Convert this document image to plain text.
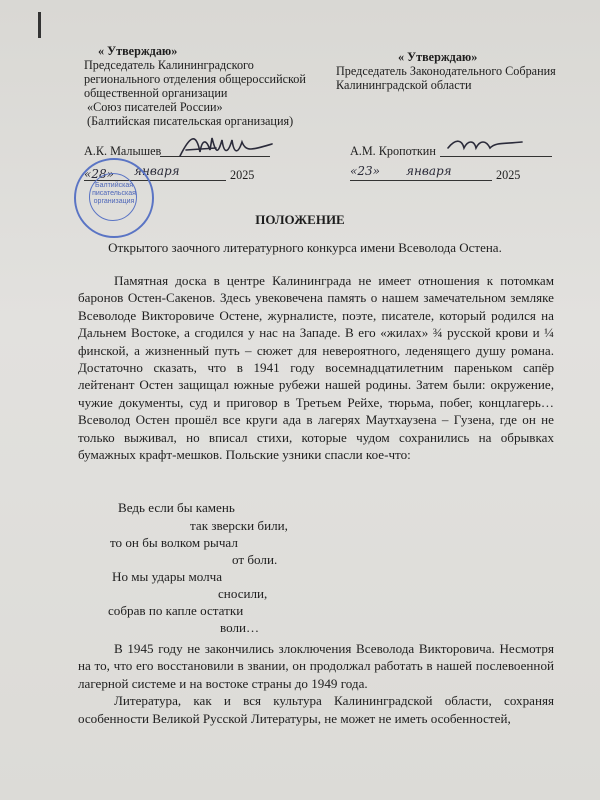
« Утверждаю»
Председатель Калининградского
регионального отделения общероссийской
общественной организации
«Союз писателей России»
(Балтийская писательская организация)
А.К. Малышев
«28» января	2025
Балтийская писательская организация
« Утверждаю»
Председатель Законодательного Собрания
Калининградской области
А.М. Кропоткин
«23» января	2025
ПОЛОЖЕНИЕ
Открытого заочного литературного конкурса имени Всеволода Остена.

Памятная доска в центре Калининграда не имеет отношения к потомкам баронов Остен-Сакенов. Здесь увековечена память о нашем замечательном земляке Всеволоде Викторовиче Остене, журналисте, поэте, писателе, который родился на Дальнем Востоке, а сгодился у нас на Западе. В его «жилах» ¾ русской крови и ¼ финской, а жизненный путь – сюжет для невероятного, леденящего душу романа. Достаточно сказать, что в 1941 году восемнадцатилетним пареньком сапёр лейтенант Остен защищал южные рубежи нашей родины. Затем были: окружение, чужие документы, суд и приговор в Третьем Рейхе, тюрьма, побег, концлагерь… Всеволод Остен прошёл все круги ада в лагерях Маутхаузена – Гузена, где он не только выживал, но вписал стихи, которые чудом сохранились на обрывках бумажных крафт-мешков. Польские узники спасли кое-что:

Ведь если бы камень
так зверски били,
то он бы волком рычал
от боли.
Но мы удары молча
сносили,
собрав по капле остатки
воли…

В 1945 году не закончились злоключения Всеволода Викторовича. Несмотря на то, что его восстановили в звании, он продолжал работать в нашей послевоенной лагерной системе и на востоке страны до 1949 года.

Литература, как и вся культура Калининградской области, сохраняя особенности Великой Русской Литературы, не может не иметь особенностей,
